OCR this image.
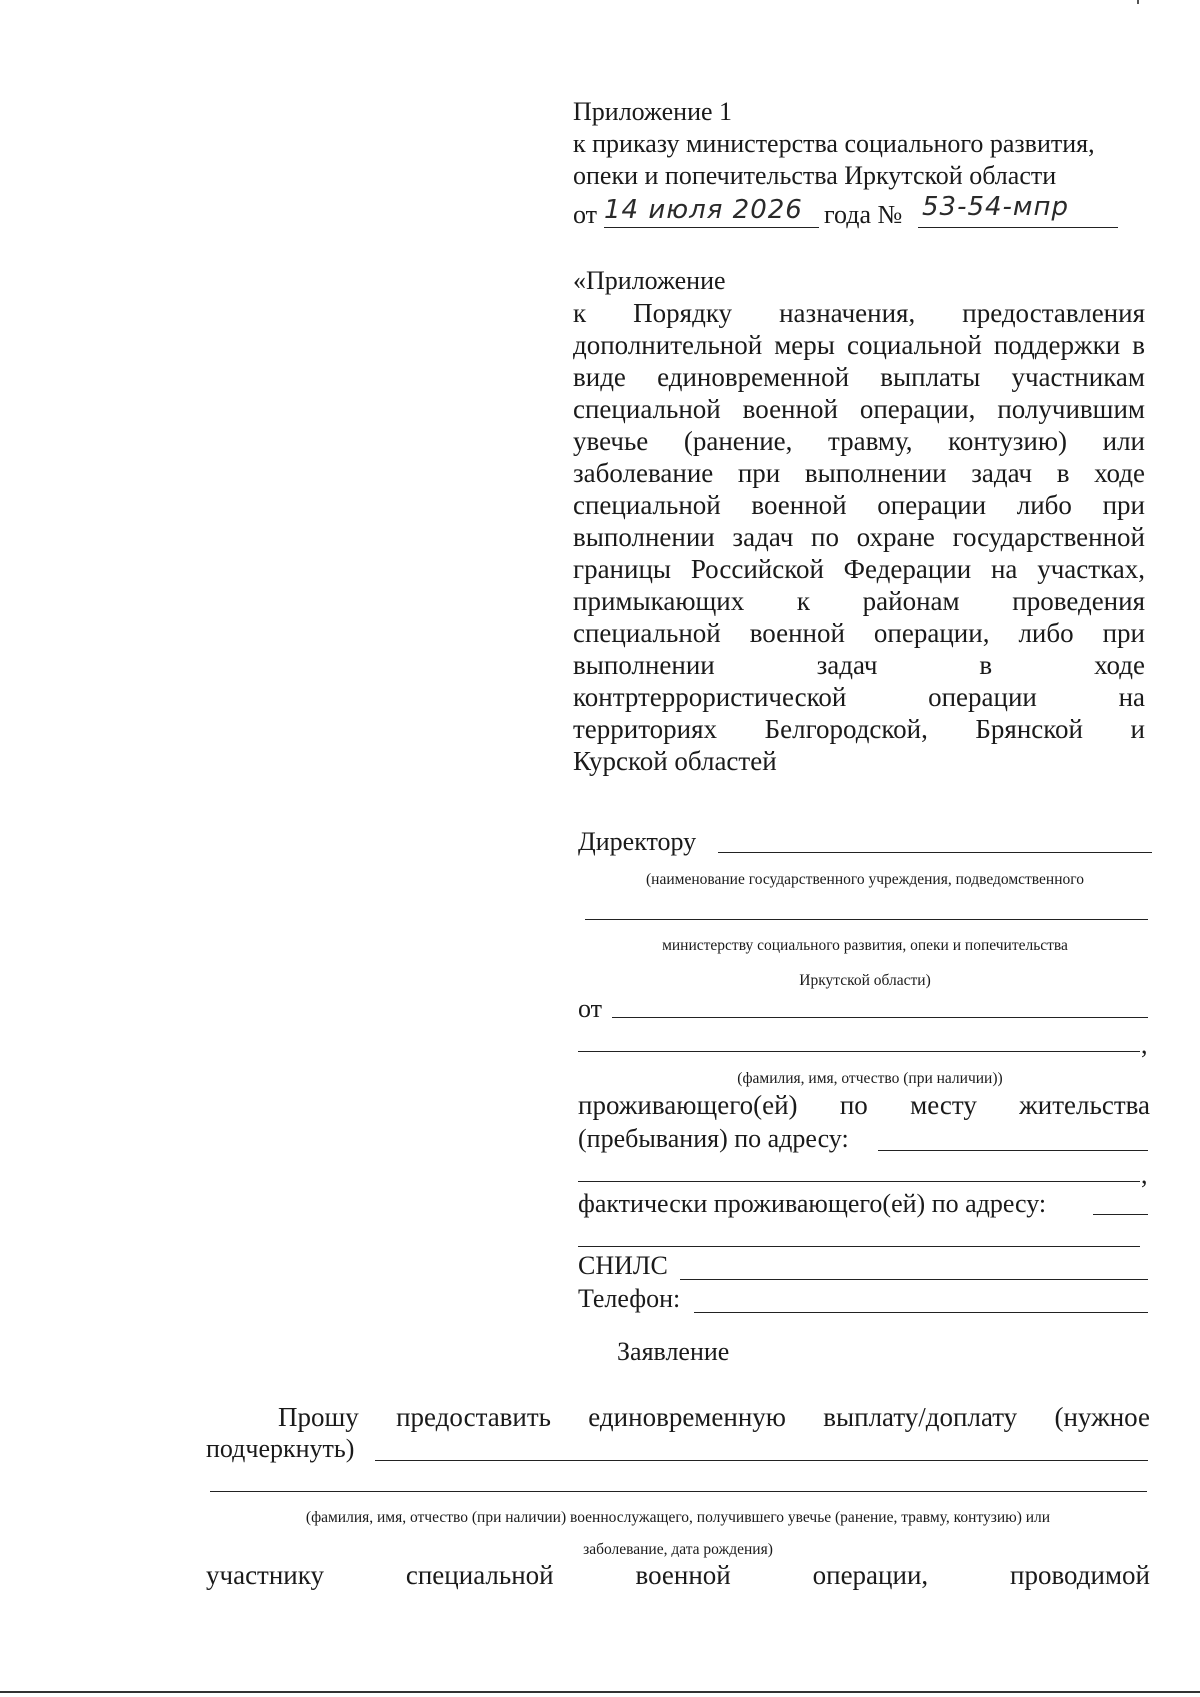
Приложение 1
к приказу министерства социального развития,
опеки и попечительства Иркутской области
от 14 июля 2026 года № 53-54-мпр
«Приложение
к Порядку назначения, предоставления
дополнительной меры социальной поддержки в
виде единовременной выплаты участникам
специальной военной операции, получившим
увечье (ранение, травму, контузию) или
заболевание при выполнении задач в ходе
специальной военной операции либо при
выполнении задач по охране государственной
границы Российской Федерации на участках,
примыкающих к районам проведения
специальной военной операции, либо при
выполнении задач в ходе
контртеррористической операции на
территориях Белгородской, Брянской и
Курской областей
Директору
(наименование государственного учреждения, подведомственного
министерству социального развития, опеки и попечительства
Иркутской области)
от
,
(фамилия, имя, отчество (при наличии))
проживающего(ей) по месту жительства
(пребывания) по адресу:
,
фактически проживающего(ей) по адресу:
СНИЛС
Телефон:
Заявление
Прошу предоставить единовременную выплату/доплату (нужное
подчеркнуть)
(фамилия, имя, отчество (при наличии) военнослужащего, получившего увечье (ранение, травму, контузию) или
заболевание, дата рождения)
участнику специальной военной операции, проводимой
